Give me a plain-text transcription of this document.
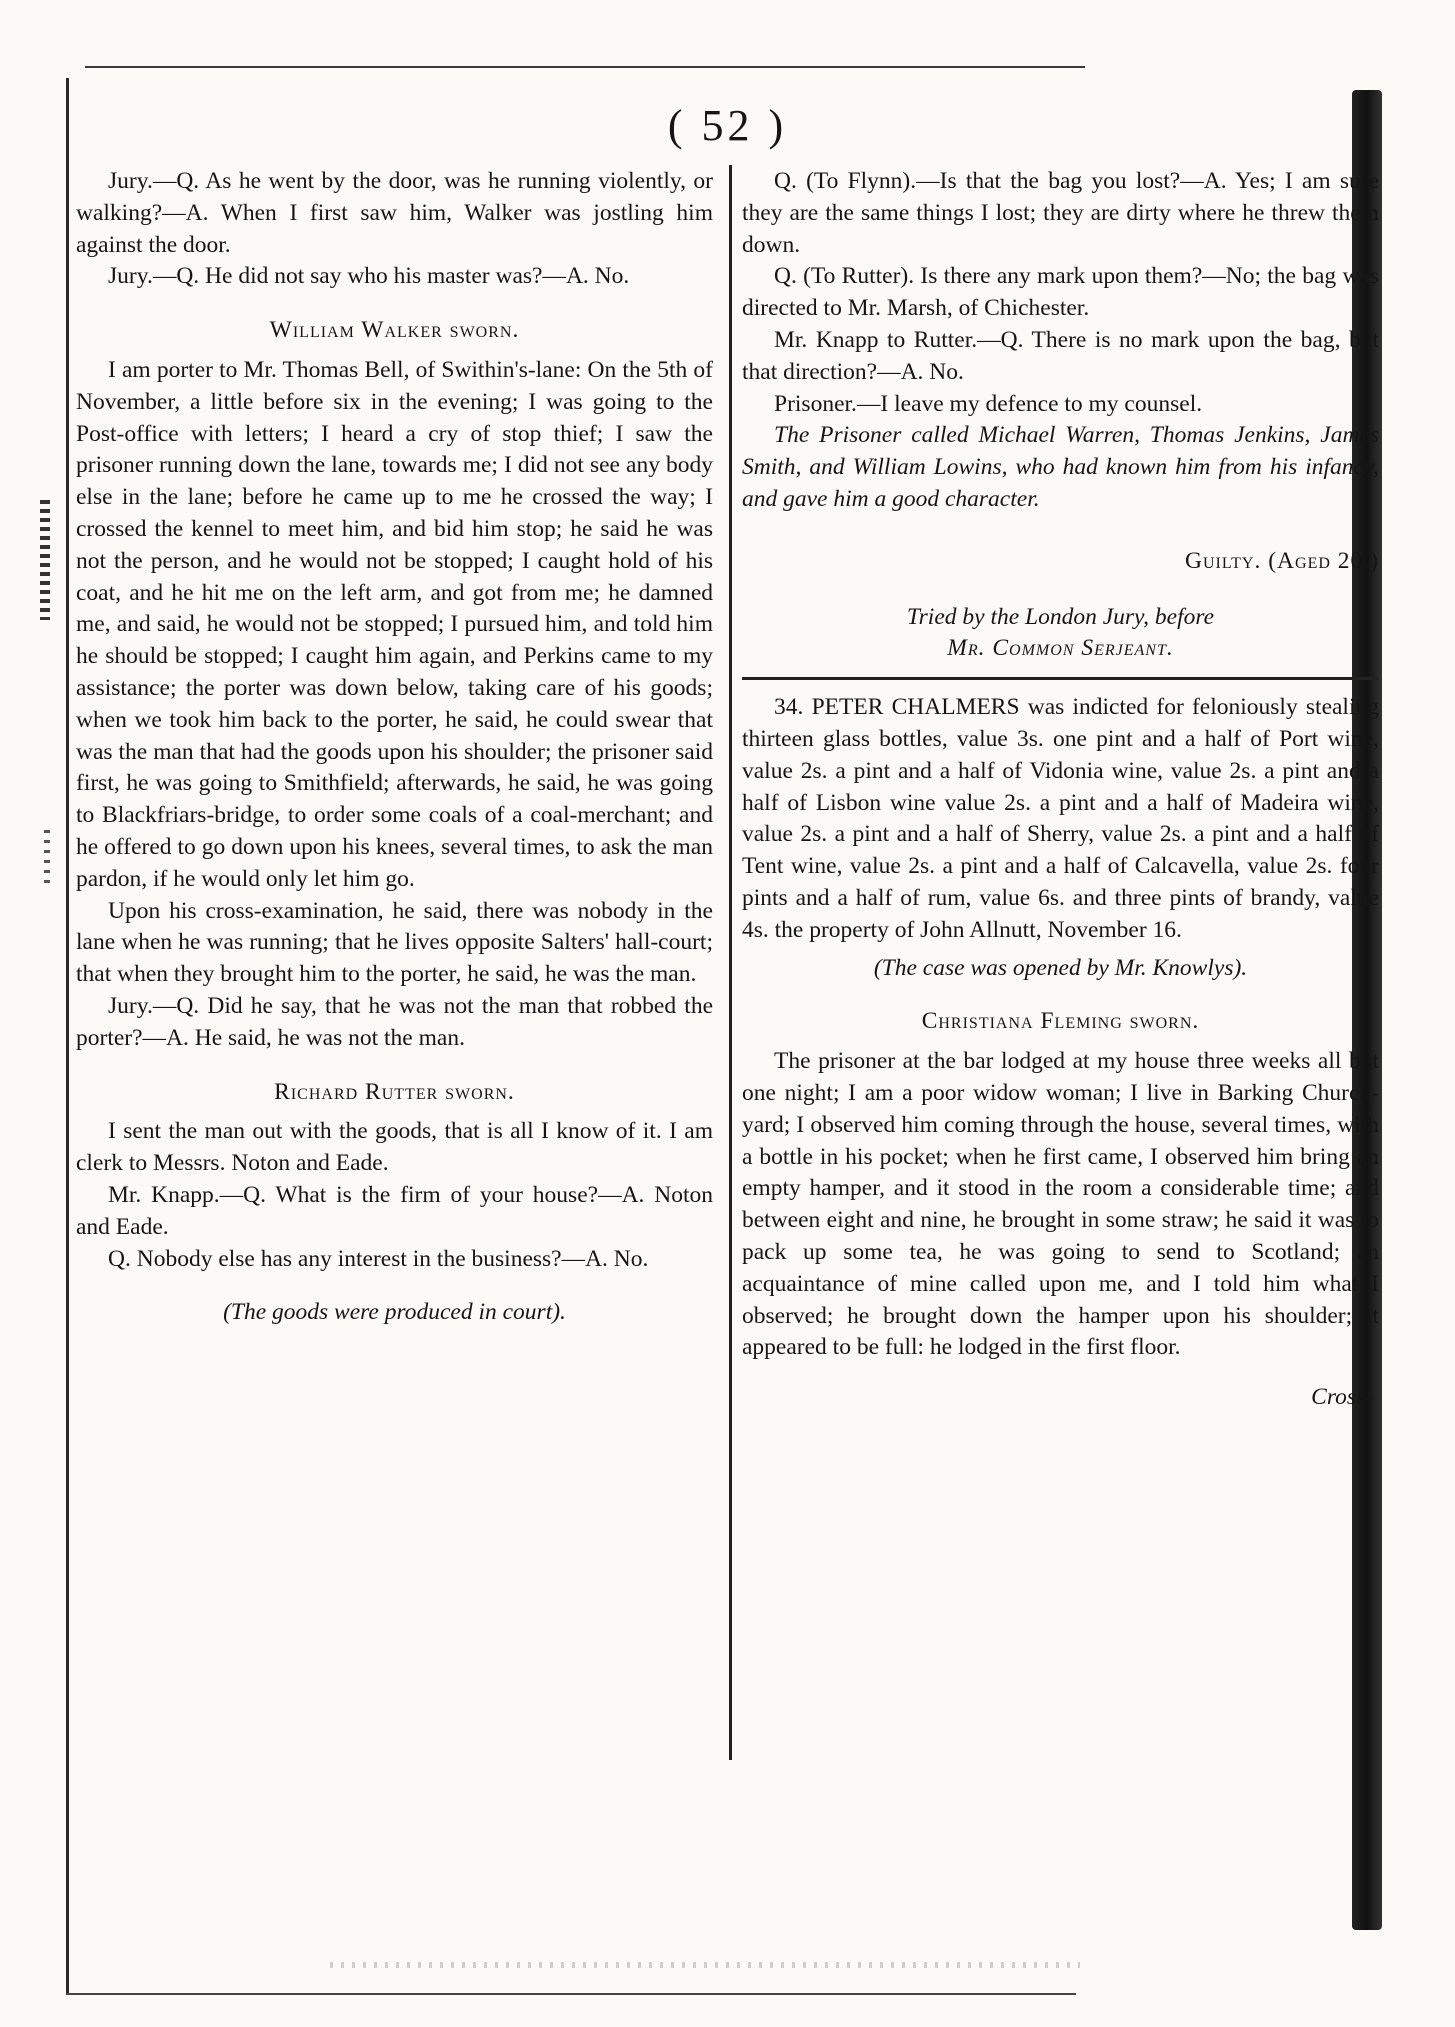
( 52 )

Jury.—Q. As he went by the door, was he running violently, or walking?—A. When I first saw him, Walker was jostling him against the door.

Jury.—Q. He did not say who his master was?—A. No.

William Walker sworn.

I am porter to Mr. Thomas Bell, of Swithin's-lane: On the 5th of November, a little before six in the evening; I was going to the Post-office with letters; I heard a cry of stop thief; I saw the prisoner running down the lane, towards me; I did not see any body else in the lane; before he came up to me he crossed the way; I crossed the kennel to meet him, and bid him stop; he said he was not the person, and he would not be stopped; I caught hold of his coat, and he hit me on the left arm, and got from me; he damned me, and said, he would not be stopped; I pursued him, and told him he should be stopped; I caught him again, and Perkins came to my assistance; the porter was down below, taking care of his goods; when we took him back to the porter, he said, he could swear that was the man that had the goods upon his shoulder; the prisoner said first, he was going to Smithfield; afterwards, he said, he was going to Blackfriars-bridge, to order some coals of a coal-merchant; and he offered to go down upon his knees, several times, to ask the man pardon, if he would only let him go.

Upon his cross-examination, he said, there was nobody in the lane when he was running; that he lives opposite Salters' hall-court; that when they brought him to the porter, he said, he was the man.

Jury.—Q. Did he say, that he was not the man that robbed the porter?—A. He said, he was not the man.

Richard Rutter sworn.

I sent the man out with the goods, that is all I know of it. I am clerk to Messrs. Noton and Eade.

Mr. Knapp.—Q. What is the firm of your house?—A. Noton and Eade.

Q. Nobody else has any interest in the business?—A. No.

(The goods were produced in court).

Q. (To Flynn).—Is that the bag you lost?—A. Yes; I am sure they are the same things I lost; they are dirty where he threw them down.

Q. (To Rutter). Is there any mark upon them?—No; the bag was directed to Mr. Marsh, of Chichester.

Mr. Knapp to Rutter.—Q. There is no mark upon the bag, but that direction?—A. No.

Prisoner.—I leave my defence to my counsel.

The Prisoner called Michael Warren, Thomas Jenkins, James Smith, and William Lowins, who had known him from his infancy, and gave him a good character.

Guilty. (Aged 20.)

Tried by the London Jury, before

Mr. Common Serjeant.

34. PETER CHALMERS was indicted for feloniously stealing thirteen glass bottles, value 3s. one pint and a half of Port wine, value 2s. a pint and a half of Vidonia wine, value 2s. a pint and a half of Lisbon wine value 2s. a pint and a half of Madeira wine, value 2s. a pint and a half of Sherry, value 2s. a pint and a half of Tent wine, value 2s. a pint and a half of Calcavella, value 2s. four pints and a half of rum, value 6s. and three pints of brandy, value 4s. the property of John Allnutt, November 16.

(The case was opened by Mr. Knowlys).

Christiana Fleming sworn.

The prisoner at the bar lodged at my house three weeks all but one night; I am a poor widow woman; I live in Barking Church-yard; I observed him coming through the house, several times, with a bottle in his pocket; when he first came, I observed him bring an empty hamper, and it stood in the room a considerable time; and between eight and nine, he brought in some straw; he said it was to pack up some tea, he was going to send to Scotland; an acquaintance of mine called upon me, and I told him what I observed; he brought down the hamper upon his shoulder; it appeared to be full: he lodged in the first floor.

Cross-
